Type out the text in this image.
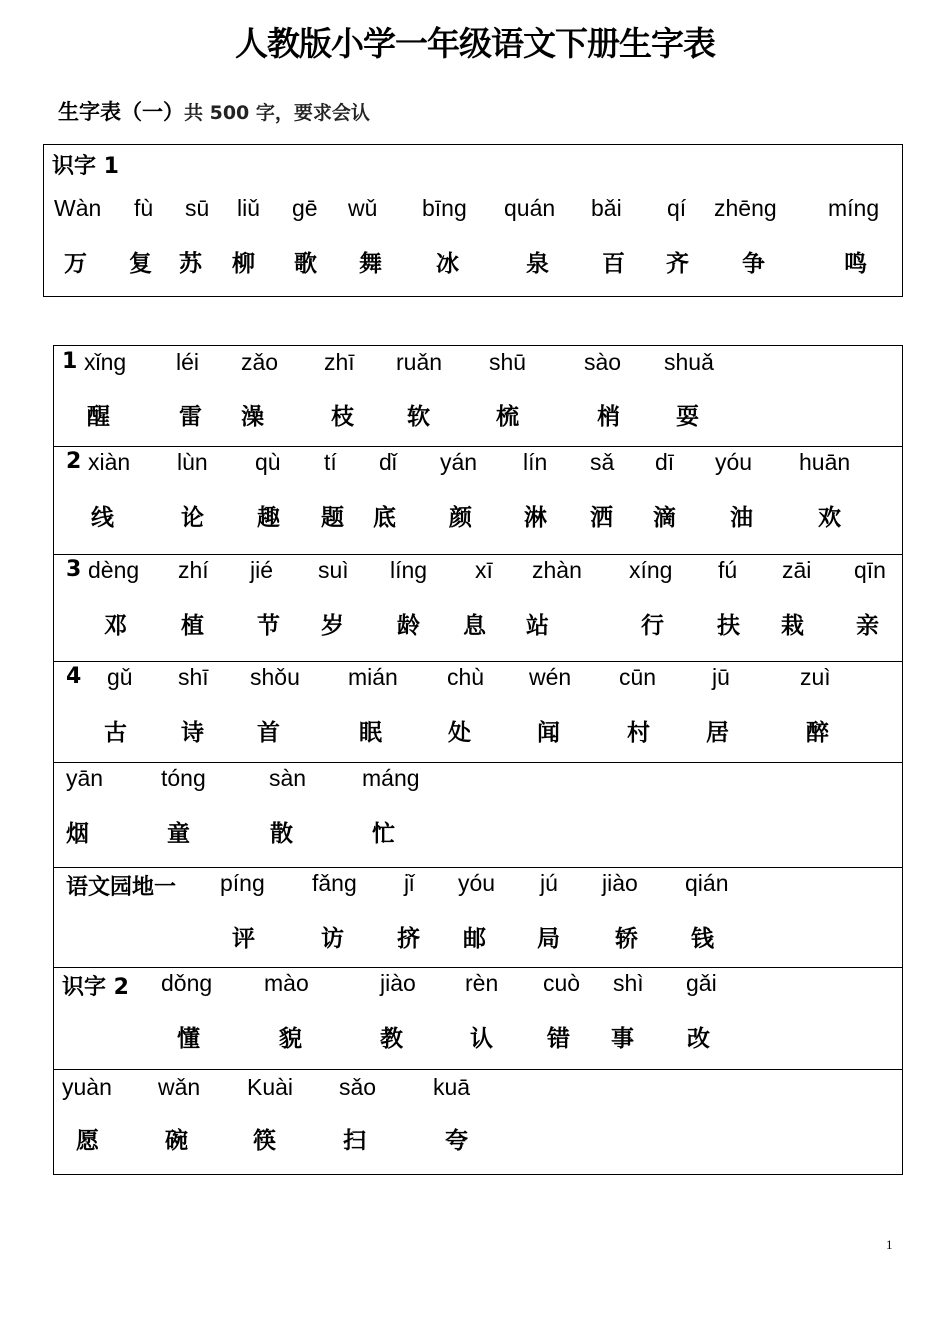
人教版小学一年级语文下册生字表
生字表（一）共 500 字，要求会认
识字 1
Wàn
万
fù
复
sū
苏
liǔ
柳
gē
歌
wǔ
舞
bīng
冰
quán
泉
bǎi
百
qí
齐
zhēng
争
míng
鸣
1 xǐng
醒
léi
雷
zǎo
澡
zhī
枝
ruǎn
软
shū
梳
sào
梢
shuǎ
耍
2 xiàn
线
lùn
论
qù
趣
tí
题
dǐ
底
yán
颜
lín
淋
sǎ
洒
dī
滴
yóu
油
huān
欢
3 dèng
邓
zhí
植
jié
节
suì
岁
líng
龄
xī
息
zhàn
站
xíng
行
fú
扶
zāi
栽
qīn
亲
4 gǔ
古
shī
诗
shǒu
首
mián
眠
chù
处
wén
闻
cūn
村
jū
居
zuì
醉
yān
烟
tóng
童
sàn
散
máng
忙
语文园地一 píng
评
fǎng
访
jǐ
挤
yóu
邮
jú
局
jiào
轿
qián
钱
识字 2 dǒng
懂
mào
貌
jiào
教
rèn
认
cuò
错
shì
事
gǎi
改
yuàn
愿
wǎn
碗
Kuài
筷
sǎo
扫
kuā
夸
1
